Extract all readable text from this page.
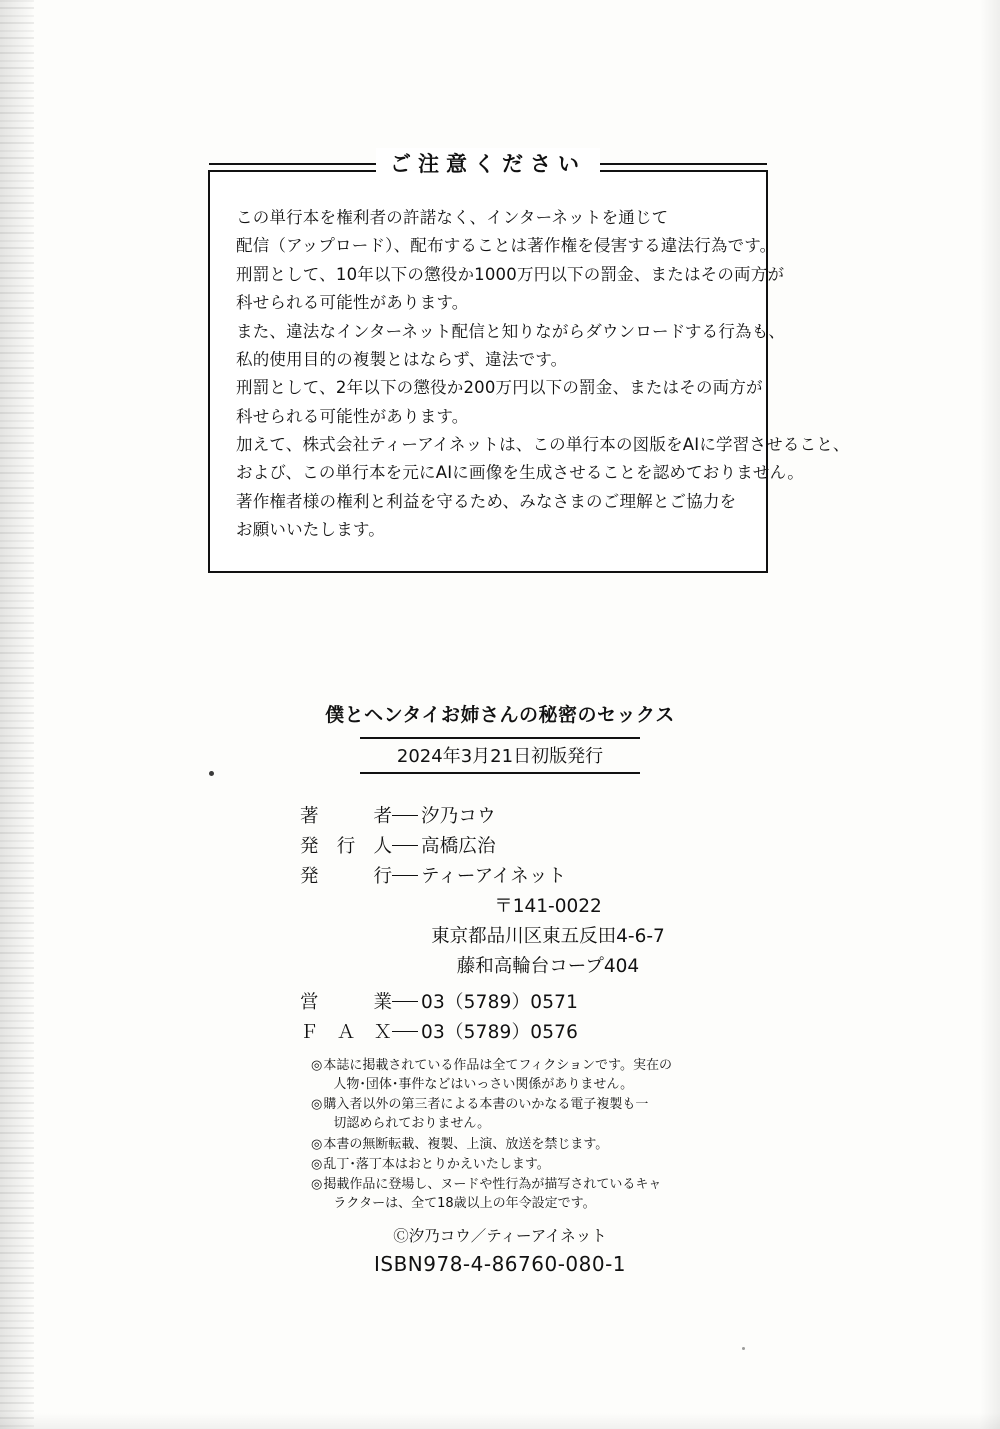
この単行本を権利者の許諾なく、インターネットを通じて
配信（アップロード）、配布することは著作権を侵害する違法行為です。
刑罰として、10年以下の懲役か1000万円以下の罰金、またはその両方が
科せられる可能性があります。
また、違法なインターネット配信と知りながらダウンロードする行為も、
私的使用目的の複製とはならず、違法です。
刑罰として、2年以下の懲役か200万円以下の罰金、またはその両方が
科せられる可能性があります。
加えて、株式会社ティーアイネットは、この単行本の図版をAIに学習させること、
および、この単行本を元にAIに画像を生成させることを認めておりません。
著作権者様の権利と利益を守るため、みなさまのご理解とご協力を
お願いいたします。
ご注意ください
僕とヘンタイお姉さんの秘密のセックス
2024年3月21日初版発行
著	者 汐乃コウ
発 行 人 高橋広治
発	行 ティーアイネット
〒141-0022
東京都品川区東五反田4-6-7
藤和高輪台コープ404
営	業 03（5789）0571
Ｆ Ａ Ｘ 03（5789）0576
◎ 本誌に掲載されている作品は全てフィクションです。実在の
人物･団体･事件などはいっさい関係がありません。
◎ 購入者以外の第三者による本書のいかなる電子複製も一
切認められておりません。
◎ 本書の無断転載、複製、上演、放送を禁じます。
◎ 乱丁･落丁本はおとりかえいたします。
◎ 掲載作品に登場し、ヌードや性行為が描写されているキャ
ラクターは、全て18歳以上の年令設定です。
Ⓒ汐乃コウ／ティーアイネット
ISBN978-4-86760-080-1
